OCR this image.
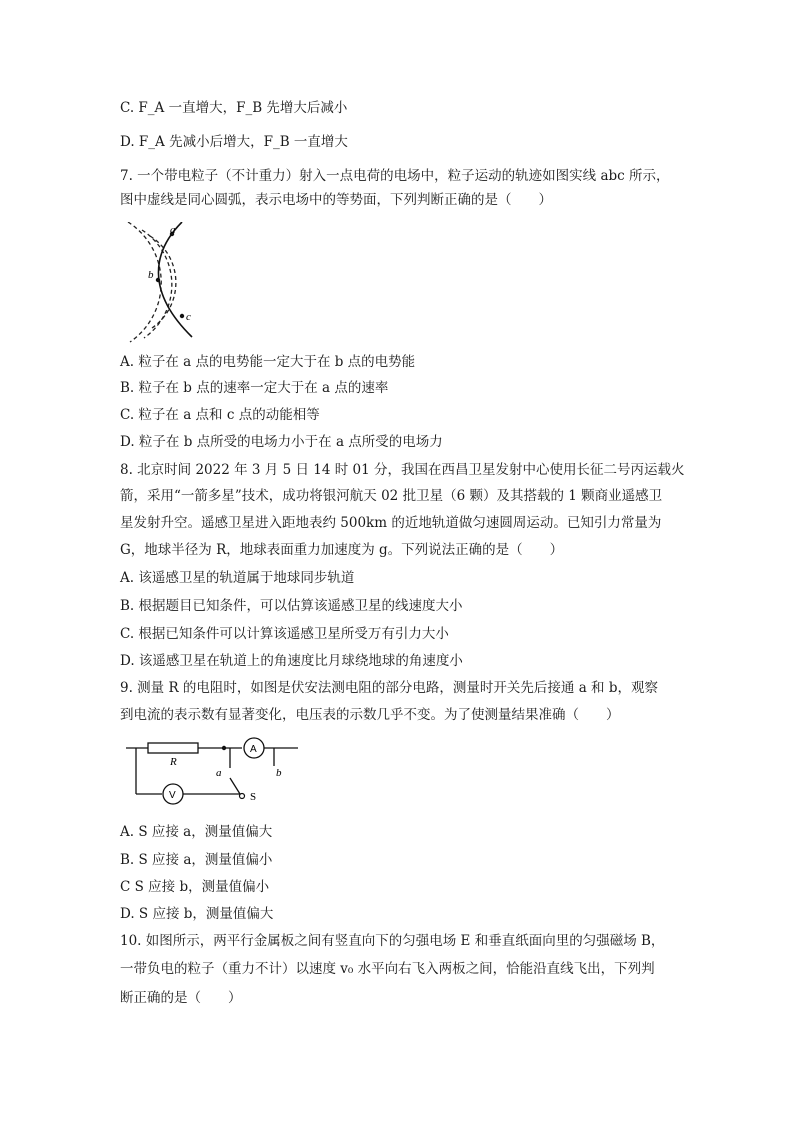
C. F_A 一直增大，F_B 先增大后减小
D. F_A 先减小后增大，F_B 一直增大
7. 一个带电粒子（不计重力）射入一点电荷的电场中，粒子运动的轨迹如图实线 abc 所示，
图中虚线是同心圆弧，表示电场中的等势面，下列判断正确的是（　　）
a
b
c
A. 粒子在 a 点的电势能一定大于在 b 点的电势能
B. 粒子在 b 点的速率一定大于在 a 点的速率
C. 粒子在 a 点和 c 点的动能相等
D. 粒子在 b 点所受的电场力小于在 a 点所受的电场力
8. 北京时间 2022 年 3 月 5 日 14 时 01 分，我国在西昌卫星发射中心使用长征二号丙运载火
箭，采用“一箭多星”技术，成功将银河航天 02 批卫星（6 颗）及其搭载的 1 颗商业遥感卫
星发射升空。遥感卫星进入距地表约 500km 的近地轨道做匀速圆周运动。已知引力常量为
G，地球半径为 R，地球表面重力加速度为 g。下列说法正确的是（　　）
A. 该遥感卫星的轨道属于地球同步轨道
B. 根据题目已知条件，可以估算该遥感卫星的线速度大小
C. 根据已知条件可以计算该遥感卫星所受万有引力大小
D. 该遥感卫星在轨道上的角速度比月球绕地球的角速度小
9. 测量 R 的电阻时，如图是伏安法测电阻的部分电路，测量时开关先后接通 a 和 b，观察
到电流的表示数有显著变化，电压表的示数几乎不变。为了使测量结果准确（　　）
R
A
V
a	b
S
A. S 应接 a，测量值偏大
B. S 应接 a，测量值偏小
C S 应接 b，测量值偏小
D. S 应接 b，测量值偏大
10. 如图所示，两平行金属板之间有竖直向下的匀强电场 E 和垂直纸面向里的匀强磁场 B，
一带负电的粒子（重力不计）以速度 v₀ 水平向右飞入两板之间，恰能沿直线飞出，下列判
断正确的是（　　）
